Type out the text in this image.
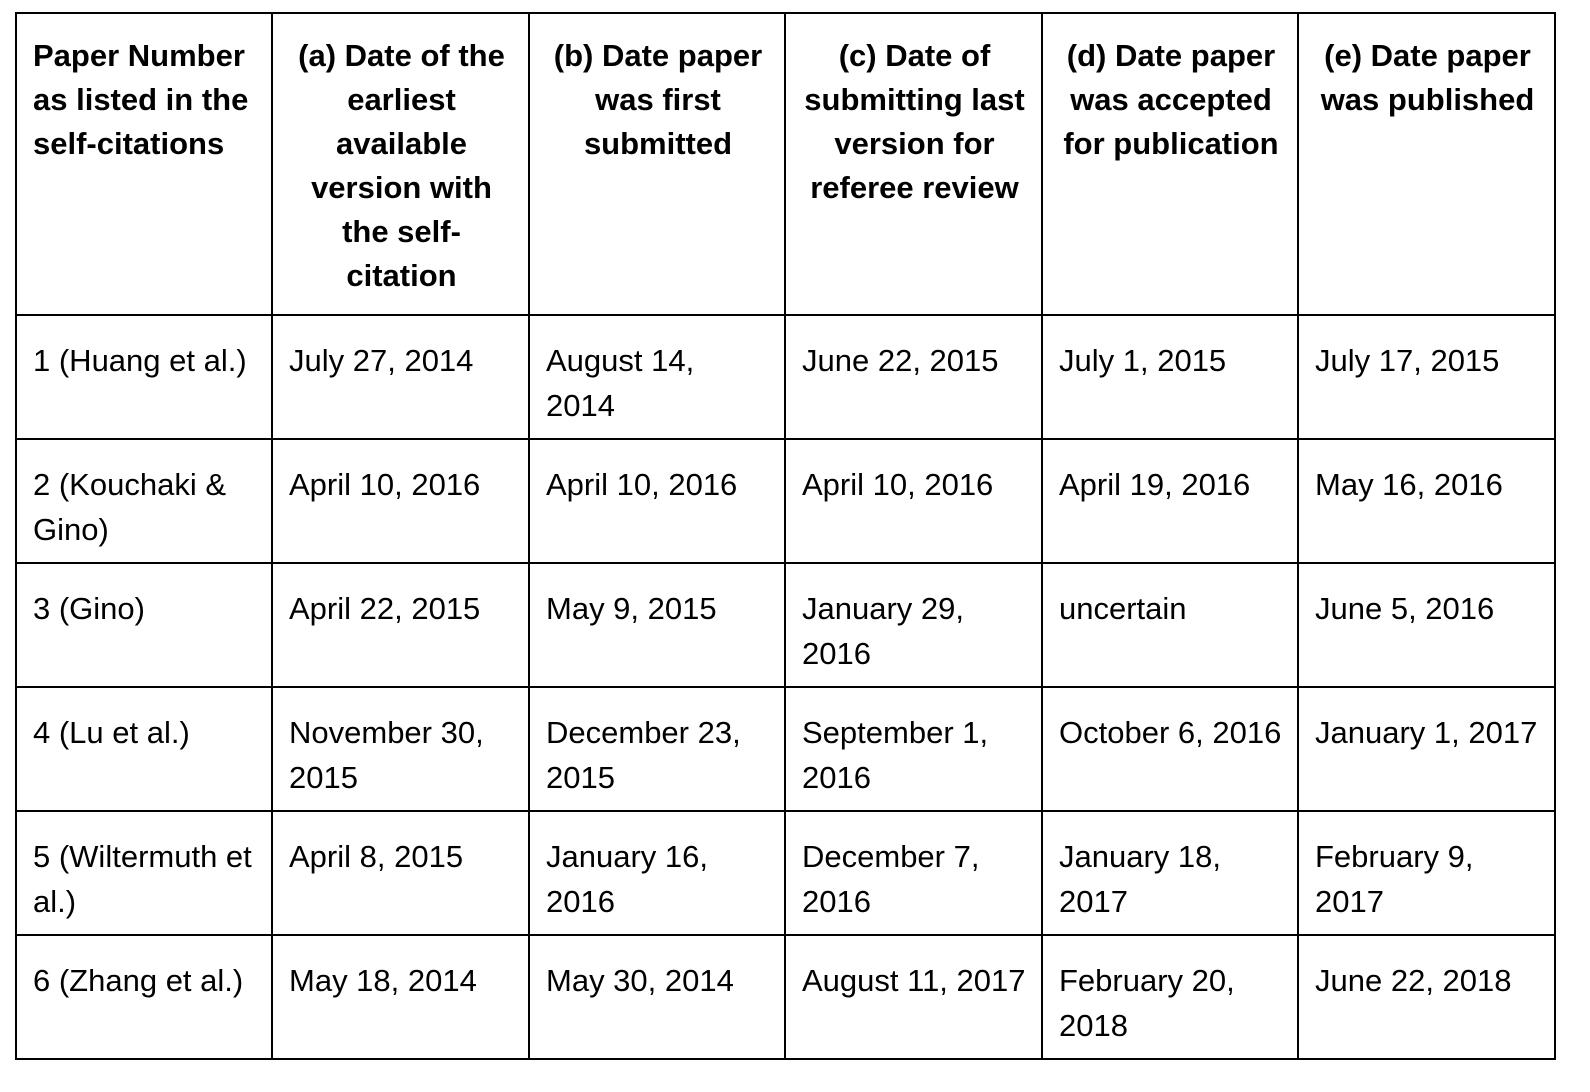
Paper Number as listed in the self-citations	(a) Date of the earliest available version with the self-citation	(b) Date paper was first submitted	(c) Date of submitting last version for referee review	(d) Date paper was accepted for publication	(e) Date paper was published
1 (Huang et al.)	July 27, 2014	August 14, 2014	June 22, 2015	July 1, 2015	July 17, 2015
2 (Kouchaki & Gino)	April 10, 2016	April 10, 2016	April 10, 2016	April 19, 2016	May 16, 2016
3 (Gino)	April 22, 2015	May 9, 2015	January 29, 2016	uncertain	June 5, 2016
4 (Lu et al.)	November 30, 2015	December 23, 2015	September 1, 2016	October 6, 2016	January 1, 2017
5 (Wiltermuth et al.)	April 8, 2015	January 16, 2016	December 7, 2016	January 18, 2017	February 9, 2017
6 (Zhang et al.)	May 18, 2014	May 30, 2014	August 11, 2017	February 20, 2018	June 22, 2018
